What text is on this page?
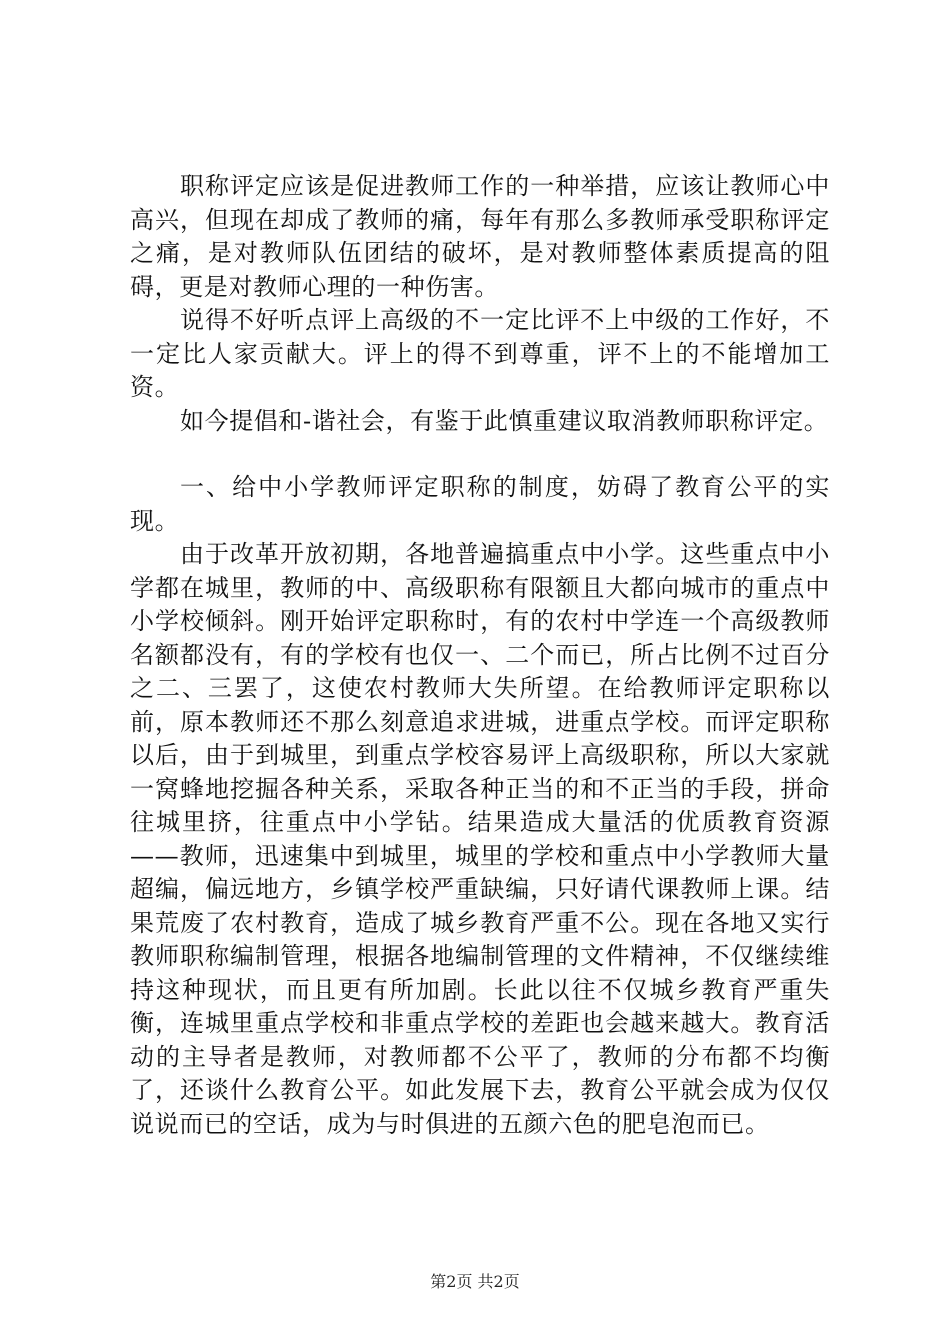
职称评定应该是促进教师工作的一种举措，应该让教师心中高兴，但现在却成了教师的痛，每年有那么多教师承受职称评定之痛，是对教师队伍团结的破坏，是对教师整体素质提高的阻碍，更是对教师心理的一种伤害。

说得不好听点评上高级的不一定比评不上中级的工作好，不一定比人家贡献大。评上的得不到尊重，评不上的不能增加工资。

如今提倡和-谐社会，有鉴于此慎重建议取消教师职称评定。

一、给中小学教师评定职称的制度，妨碍了教育公平的实现。

由于改革开放初期，各地普遍搞重点中小学。这些重点中小学都在城里，教师的中、高级职称有限额且大都向城市的重点中小学校倾斜。刚开始评定职称时，有的农村中学连一个高级教师名额都没有，有的学校有也仅一、二个而已，所占比例不过百分之二、三罢了，这使农村教师大失所望。在给教师评定职称以前，原本教师还不那么刻意追求进城，进重点学校。而评定职称以后，由于到城里，到重点学校容易评上高级职称，所以大家就一窝蜂地挖掘各种关系，采取各种正当的和不正当的手段，拼命往城里挤，往重点中小学钻。结果造成大量活的优质教育资源——教师，迅速集中到城里，城里的学校和重点中小学教师大量超编，偏远地方，乡镇学校严重缺编，只好请代课教师上课。结果荒废了农村教育，造成了城乡教育严重不公。现在各地又实行教师职称编制管理，根据各地编制管理的文件精神，不仅继续维持这种现状，而且更有所加剧。长此以往不仅城乡教育严重失衡，连城里重点学校和非重点学校的差距也会越来越大。教育活动的主导者是教师，对教师都不公平了，教师的分布都不均衡了，还谈什么教育公平。如此发展下去，教育公平就会成为仅仅说说而已的空话，成为与时俱进的五颜六色的肥皂泡而已。

第2页 共2页
